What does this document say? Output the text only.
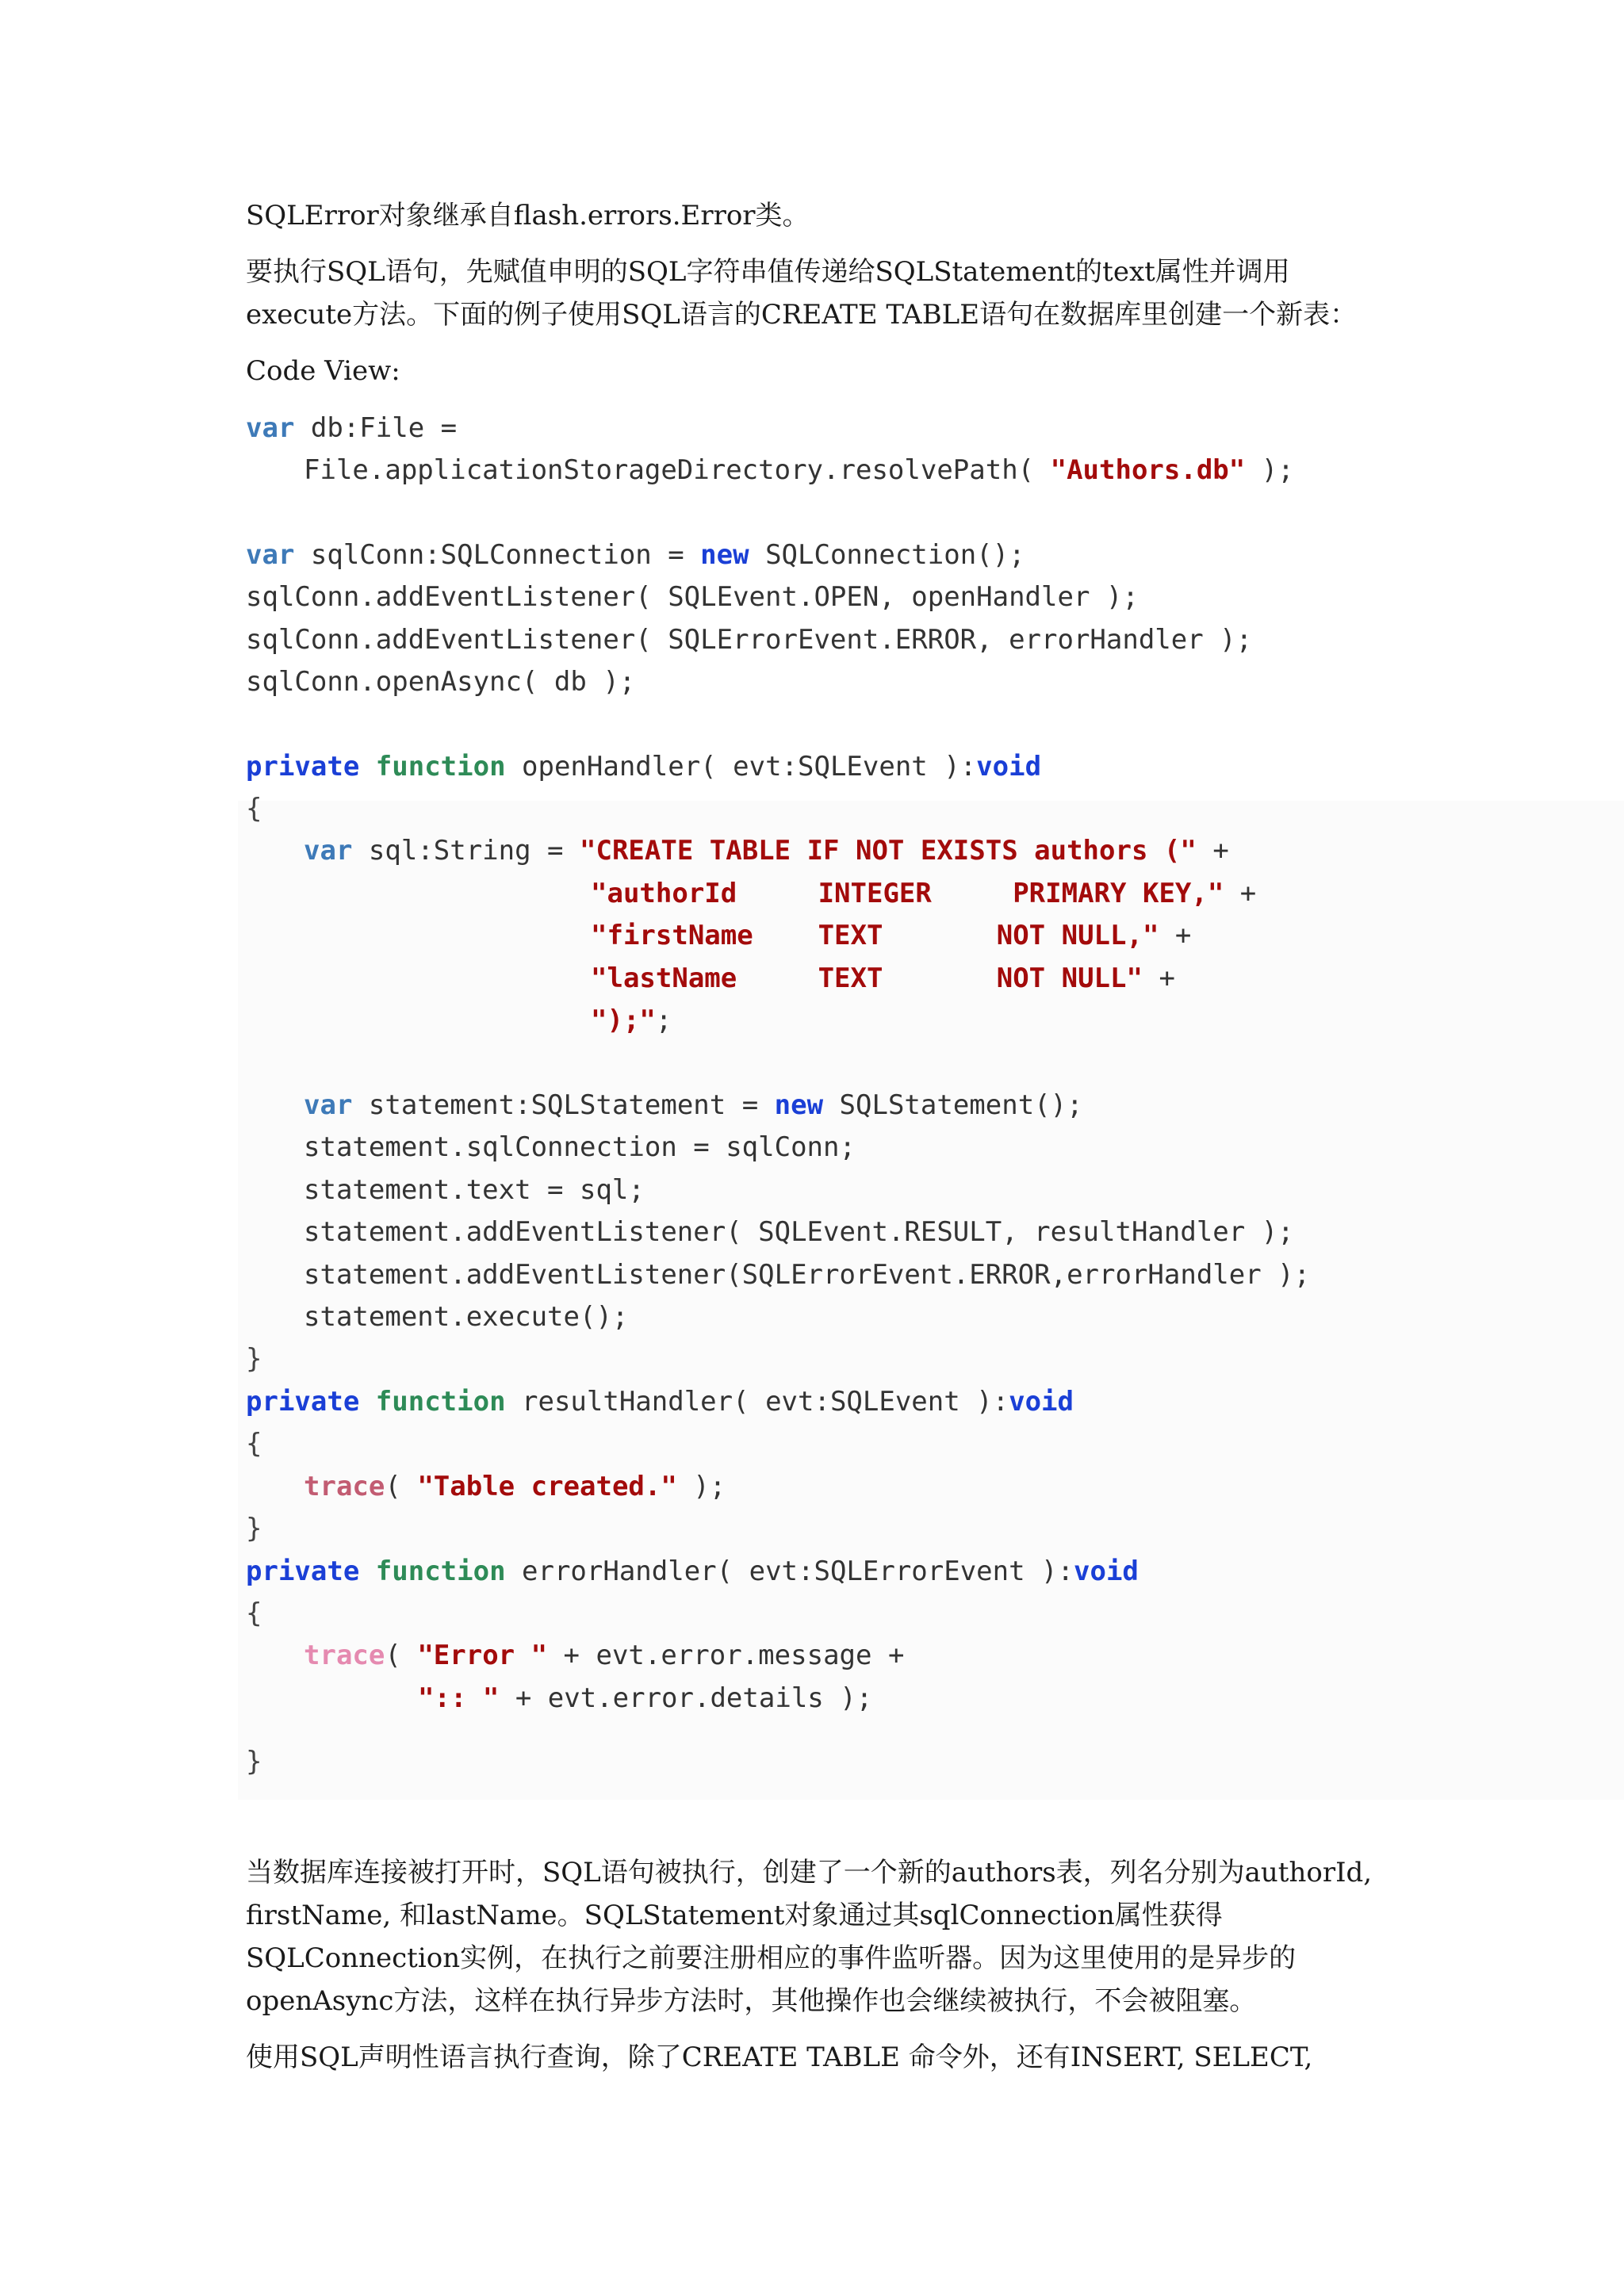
SQLError对象继承自flash.errors.Error类。

要执行SQL语句，先赋值申明的SQL字符串值传递给SQLStatement的text属性并调用execute方法。下面的例子使用SQL语言的CREATE TABLE语句在数据库里创建一个新表：

Code View:

var db:File =

File.applicationStorageDirectory.resolvePath( "Authors.db" );

var sqlConn:SQLConnection = new SQLConnection();

sqlConn.addEventListener( SQLEvent.OPEN, openHandler );

sqlConn.addEventListener( SQLErrorEvent.ERROR, errorHandler );

sqlConn.openAsync( db );

private function openHandler( evt:SQLEvent ):void

{

var sql:String = "CREATE TABLE IF NOT EXISTS authors (" +

"authorId     INTEGER     PRIMARY KEY," +

"firstName    TEXT       NOT NULL," +

"lastName     TEXT       NOT NULL" +

");";

var statement:SQLStatement = new SQLStatement();

statement.sqlConnection = sqlConn;

statement.text = sql;

statement.addEventListener( SQLEvent.RESULT, resultHandler );

statement.addEventListener(SQLErrorEvent.ERROR,errorHandler );

statement.execute();

}

private function resultHandler( evt:SQLEvent ):void

{

trace( "Table created." );

}

private function errorHandler( evt:SQLErrorEvent ):void

{

trace( "Error " + evt.error.message +

":: " + evt.error.details );

}

当数据库连接被打开时，SQL语句被执行，创建了一个新的authors表，列名分别为authorId, firstName, 和lastName。SQLStatement对象通过其sqlConnection属性获得SQLConnection实例，在执行之前要注册相应的事件监听器。因为这里使用的是异步的openAsync方法，这样在执行异步方法时，其他操作也会继续被执行，不会被阻塞。

使用SQL声明性语言执行查询，除了CREATE TABLE 命令外，还有INSERT, SELECT,
